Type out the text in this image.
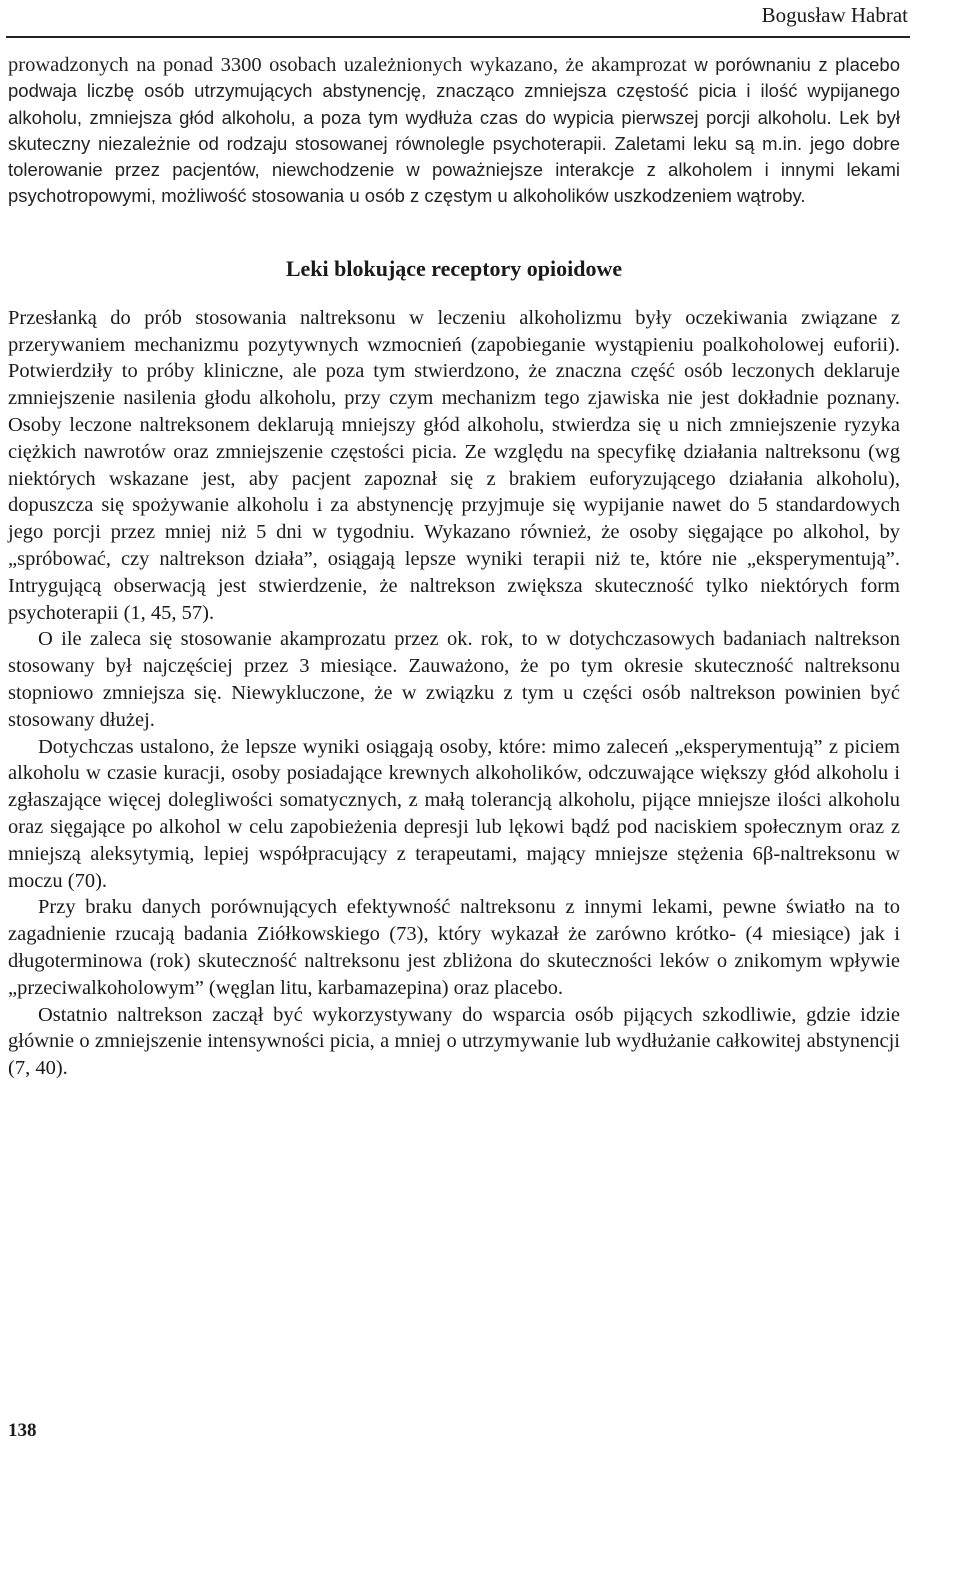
Bogusław Habrat

prowadzonych na ponad 3300 osobach uzależnionych wykazano, że akamprozat w porównaniu z placebo podwaja liczbę osób utrzymujących abstynencję, znacząco zmniejsza częstość picia i ilość wypijanego alkoholu, zmniejsza głód alkoholu, a poza tym wydłuża czas do wypicia pierwszej porcji alkoholu. Lek był skuteczny niezależnie od rodzaju stosowanej równolegle psychoterapii. Zaletami leku są m.in. jego dobre tolerowanie przez pacjentów, niewchodzenie w poważniejsze interakcje z alkoholem i innymi lekami psychotropowymi, możliwość stosowania u osób z częstym u alkoholików uszkodzeniem wątroby.

Leki blokujące receptory opioidowe

Przesłanką do prób stosowania naltreksonu w leczeniu alkoholizmu były oczekiwania związane z przerywaniem mechanizmu pozytywnych wzmocnień (zapobieganie wystąpieniu poalkoholowej euforii). Potwierdziły to próby kliniczne, ale poza tym stwierdzono, że znaczna część osób leczonych deklaruje zmniejszenie nasilenia głodu alkoholu, przy czym mechanizm tego zjawiska nie jest dokładnie poznany. Osoby leczone naltreksonem deklarują mniejszy głód alkoholu, stwierdza się u nich zmniejszenie ryzyka ciężkich nawrotów oraz zmniejszenie częstości picia. Ze względu na specyfikę działania naltreksonu (wg niektórych wskazane jest, aby pacjent zapoznał się z brakiem euforyzującego działania alkoholu), dopuszcza się spożywanie alkoholu i za abstynencję przyjmuje się wypijanie nawet do 5 standardowych jego porcji przez mniej niż 5 dni w tygodniu. Wykazano również, że osoby sięgające po alkohol, by „spróbować, czy naltrekson działa”, osiągają lepsze wyniki terapii niż te, które nie „eksperymentują”. Intrygującą obserwacją jest stwierdzenie, że naltrekson zwiększa skuteczność tylko niektórych form psychoterapii (1, 45, 57).

O ile zaleca się stosowanie akamprozatu przez ok. rok, to w dotychczasowych badaniach naltrekson stosowany był najczęściej przez 3 miesiące. Zauważono, że po tym okresie skuteczność naltreksonu stopniowo zmniejsza się. Niewykluczone, że w związku z tym u części osób naltrekson powinien być stosowany dłużej.

Dotychczas ustalono, że lepsze wyniki osiągają osoby, które: mimo zaleceń „eksperymentują” z piciem alkoholu w czasie kuracji, osoby posiadające krewnych alkoholików, odczuwające większy głód alkoholu i zgłaszające więcej dolegliwości somatycznych, z małą tolerancją alkoholu, pijące mniejsze ilości alkoholu oraz sięgające po alkohol w celu zapobieżenia depresji lub lękowi bądź pod naciskiem społecznym oraz z mniejszą aleksytymią, lepiej współpracujący z terapeutami, mający mniejsze stężenia 6β-naltreksonu w moczu (70).

Przy braku danych porównujących efektywność naltreksonu z innymi lekami, pewne światło na to zagadnienie rzucają badania Ziółkowskiego (73), który wykazał że zarówno krótko- (4 miesiące) jak i długoterminowa (rok) skuteczność naltreksonu jest zbliżona do skuteczności leków o znikomym wpływie „przeciwalkoholowym” (węglan litu, karbamazepina) oraz placebo.

Ostatnio naltrekson zaczął być wykorzystywany do wsparcia osób pijących szkodliwie, gdzie idzie głównie o zmniejszenie intensywności picia, a mniej o utrzymywanie lub wydłużanie całkowitej abstynencji (7, 40).

138
